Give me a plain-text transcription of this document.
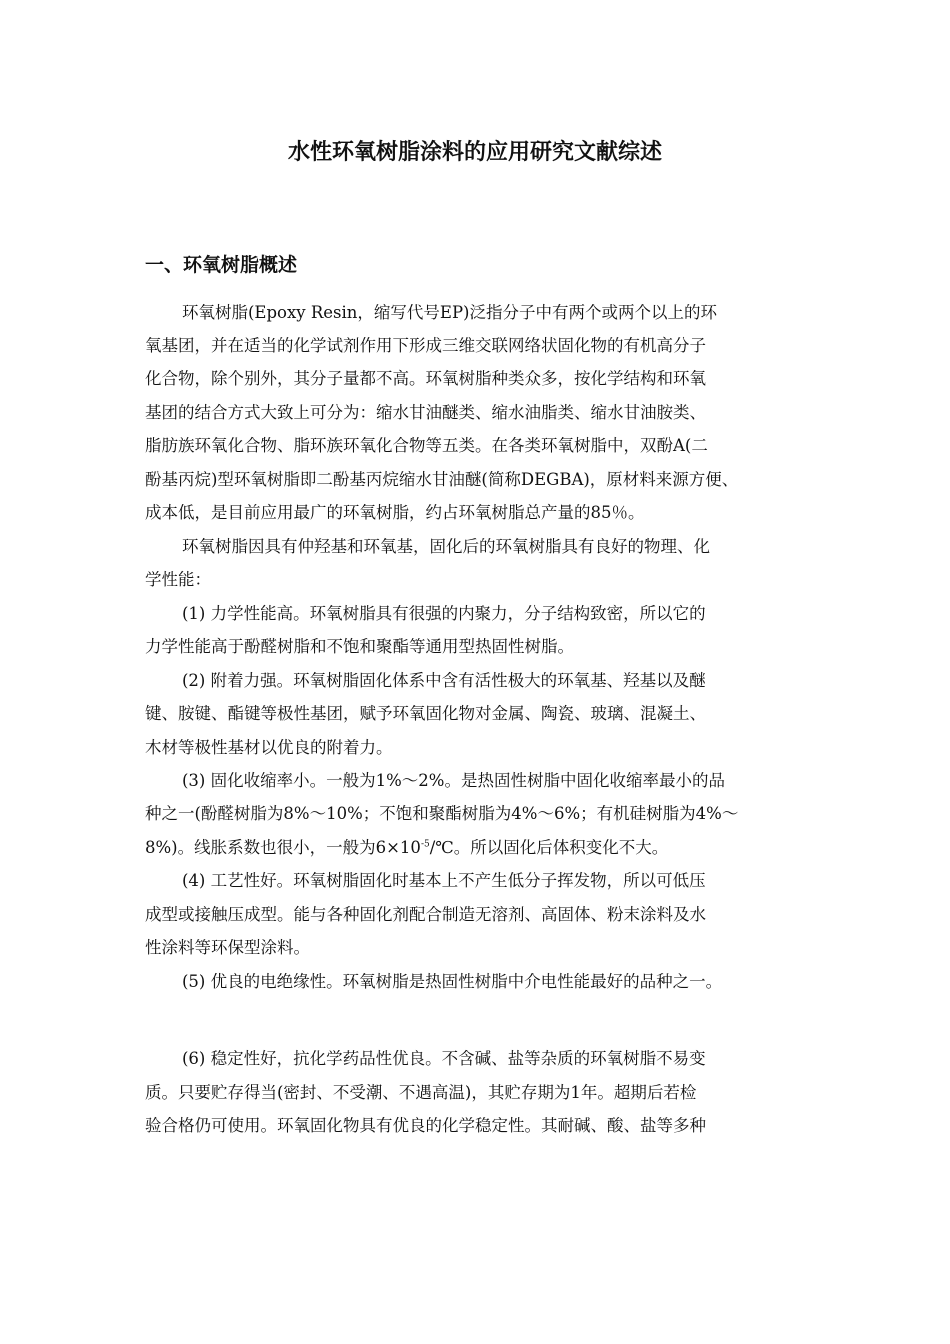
水性环氧树脂涂料的应用研究文献综述
一、环氧树脂概述

环氧树脂(Epoxy Resin，缩写代号EP)泛指分子中有两个或两个以上的环

氧基团，并在适当的化学试剂作用下形成三维交联网络状固化物的有机高分子

化合物，除个别外，其分子量都不高。环氧树脂种类众多，按化学结构和环氧

基团的结合方式大致上可分为：缩水甘油醚类、缩水油脂类、缩水甘油胺类、

脂肪族环氧化合物、脂环族环氧化合物等五类。在各类环氧树脂中，双酚A(二

酚基丙烷)型环氧树脂即二酚基丙烷缩水甘油醚(简称DEGBA)，原材料来源方便、

成本低，是目前应用最广的环氧树脂，约占环氧树脂总产量的85％。

环氧树脂因具有仲羟基和环氧基，固化后的环氧树脂具有良好的物理、化

学性能：

(1) 力学性能高。环氧树脂具有很强的内聚力，分子结构致密，所以它的

力学性能高于酚醛树脂和不饱和聚酯等通用型热固性树脂。

(2) 附着力强。环氧树脂固化体系中含有活性极大的环氧基、羟基以及醚

键、胺键、酯键等极性基团，赋予环氧固化物对金属、陶瓷、玻璃、混凝土、

木材等极性基材以优良的附着力。

(3) 固化收缩率小。一般为1%～2%。是热固性树脂中固化收缩率最小的品

种之一(酚醛树脂为8%～10%；不饱和聚酯树脂为4%～6%；有机硅树脂为4%～

8%)。线胀系数也很小，一般为$6\times 10^{-5}/℃$。所以固化后体积变化不大。

(4) 工艺性好。环氧树脂固化时基本上不产生低分子挥发物，所以可低压

成型或接触压成型。能与各种固化剂配合制造无溶剂、高固体、粉末涂料及水

性涂料等环保型涂料。

(5) 优良的电绝缘性。环氧树脂是热固性树脂中介电性能最好的品种之一。

(6) 稳定性好，抗化学药品性优良。不含碱、盐等杂质的环氧树脂不易变

质。只要贮存得当(密封、不受潮、不遇高温)，其贮存期为1年。超期后若检

验合格仍可使用。环氧固化物具有优良的化学稳定性。其耐碱、酸、盐等多种
